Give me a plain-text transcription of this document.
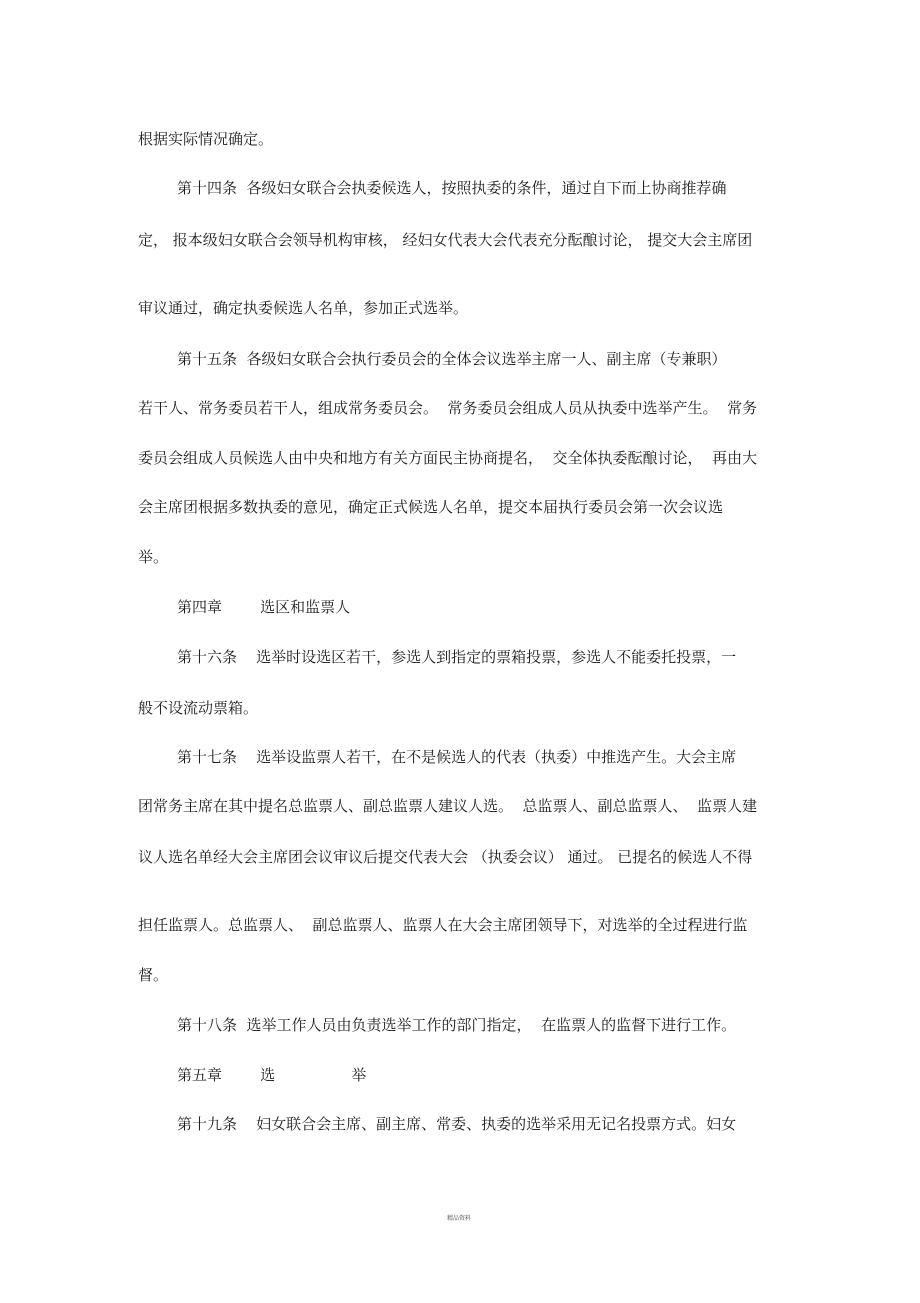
根据实际情况确定。

第十四条  各级妇女联合会执委候选人，按照执委的条件，通过自下而上协商推荐确

定， 报本级妇女联合会领导机构审核， 经妇女代表大会代表充分酝酿讨论， 提交大会主席团

审议通过，确定执委候选人名单，参加正式选举。

第十五条  各级妇女联合会执行委员会的全体会议选举主席一人、副主席（专兼职）

若干人、常务委员若干人，组成常务委员会。  常务委员会组成人员从执委中选举产生。  常务

委员会组成人员候选人由中央和地方有关方面民主协商提名，  交全体执委酝酿讨论，  再由大

会主席团根据多数执委的意见，确定正式候选人名单，提交本届执行委员会第一次会议选

举。

第四章        选区和监票人

第十六条    选举时设选区若干，参选人到指定的票箱投票，参选人不能委托投票，一

般不设流动票箱。

第十七条    选举设监票人若干，在不是候选人的代表（执委）中推选产生。大会主席

团常务主席在其中提名总监票人、副总监票人建议人选。  总监票人、副总监票人、  监票人建

议人选名单经大会主席团会议审议后提交代表大会 （执委会议） 通过。 已提名的候选人不得

担任监票人。总监票人、  副总监票人、监票人在大会主席团领导下，对选举的全过程进行监

督。

第十八条  选举工作人员由负责选举工作的部门指定，  在监票人的监督下进行工作。

第五章        选                举

第十九条    妇女联合会主席、副主席、常委、执委的选举采用无记名投票方式。妇女

精品资料
